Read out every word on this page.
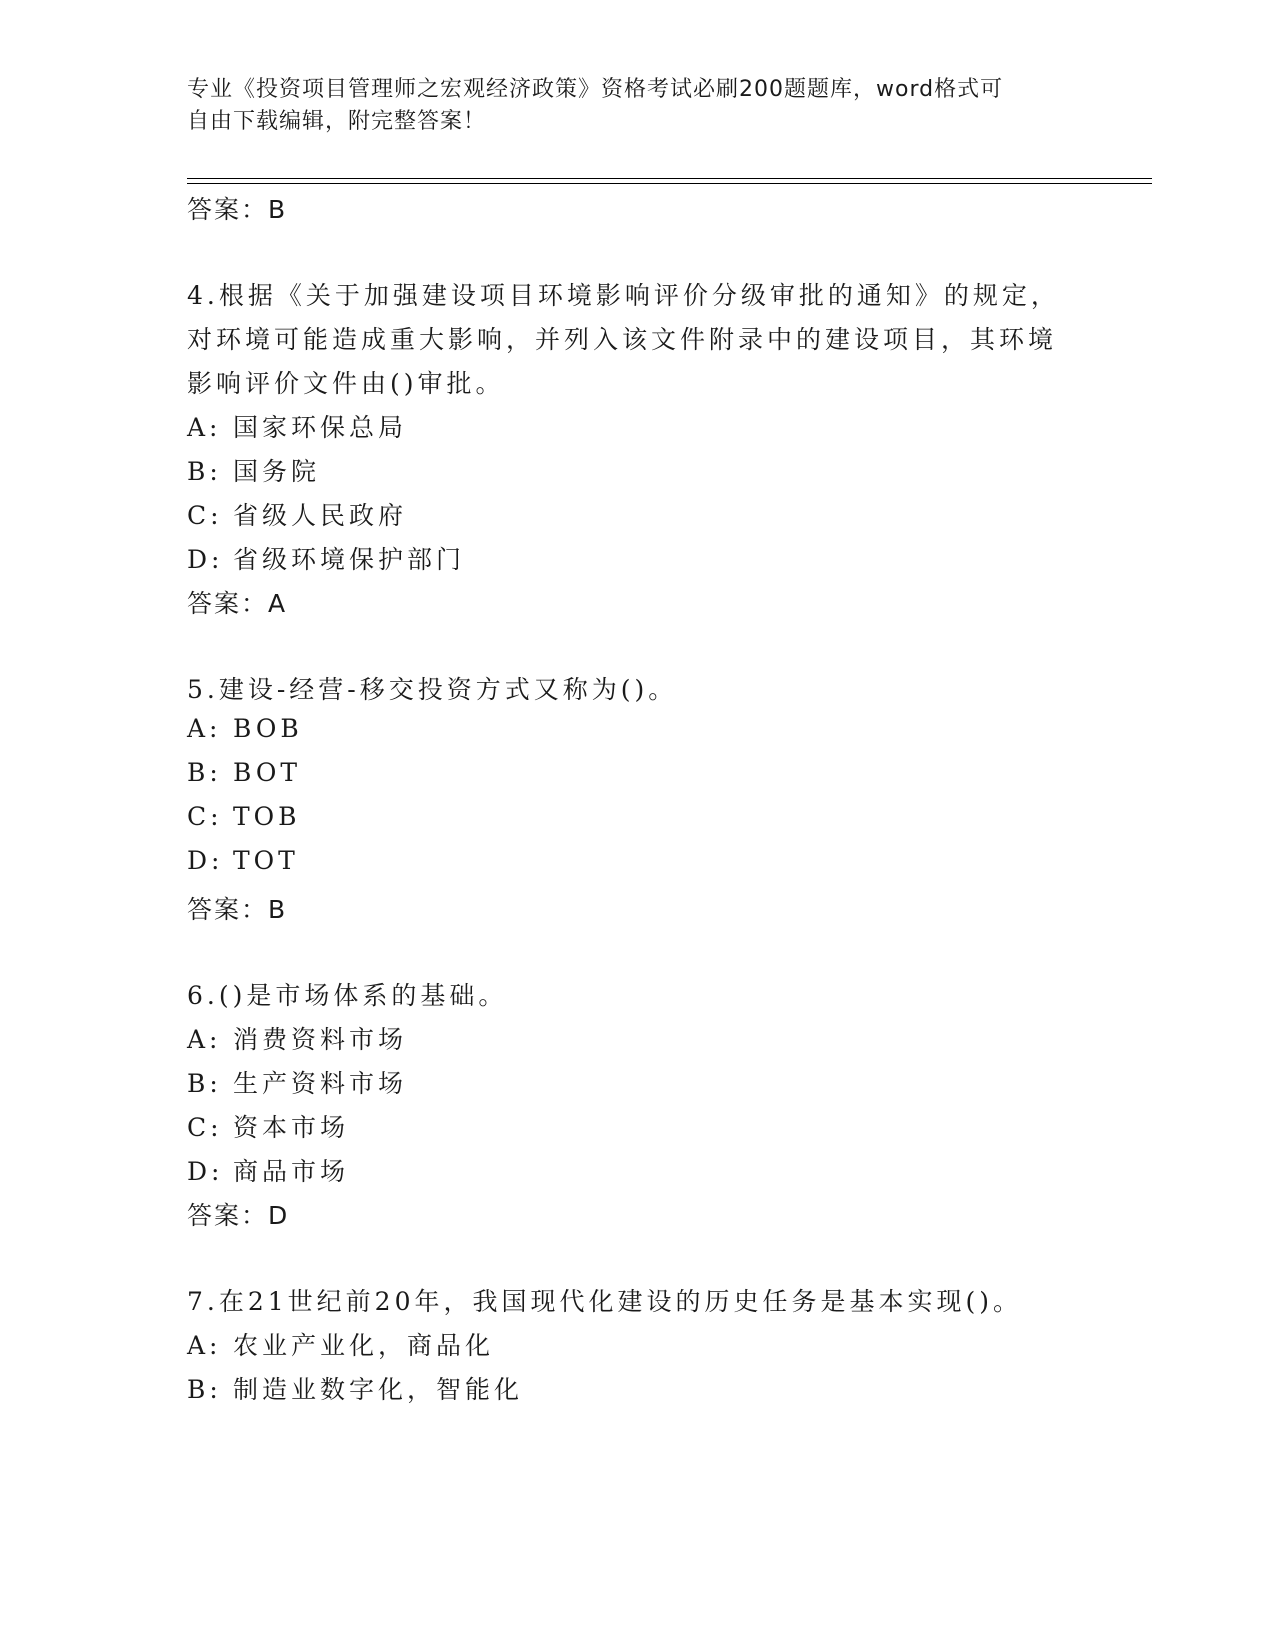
专业《投资项目管理师之宏观经济政策》资格考试必刷200题题库，word格式可
自由下载编辑，附完整答案！
答案：B
4.根据《关于加强建设项目环境影响评价分级审批的通知》的规定，
对环境可能造成重大影响，并列入该文件附录中的建设项目，其环境
影响评价文件由()审批。
A: 国家环保总局
B: 国务院
C: 省级人民政府
D: 省级环境保护部门
答案：A
5.建设-经营-移交投资方式又称为()。
A: BOB
B: BOT
C: TOB
D: TOT
答案：B
6.()是市场体系的基础。
A: 消费资料市场
B: 生产资料市场
C: 资本市场
D: 商品市场
答案：D
7.在21世纪前20年，我国现代化建设的历史任务是基本实现()。
A: 农业产业化，商品化
B: 制造业数字化，智能化
